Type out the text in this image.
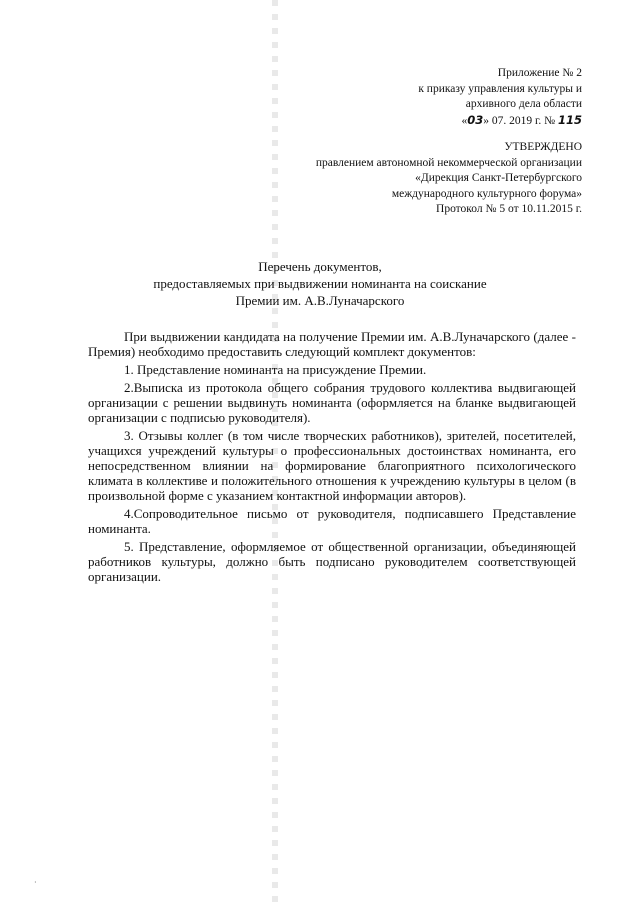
Приложение № 2
к приказу управления культуры и
архивного дела области
«03» 07. 2019 г. № 115
УТВЕРЖДЕНО
правлением автономной некоммерческой организации
«Дирекция Санкт-Петербургского
международного культурного форума»
Протокол № 5 от 10.11.2015 г.
Перечень документов,
предоставляемых при выдвижении номинанта на соискание
Премии им. А.В.Луначарского

При выдвижении кандидата на получение Премии им. А.В.Луначарского (далее - Премия) необходимо предоставить следующий комплект документов:

1. Представление номинанта на присуждение Премии.

2.Выписка из протокола общего собрания трудового коллектива выдвигающей организации с решении выдвинуть номинанта (оформляется на бланке выдвигающей организации с подписью руководителя).

3. Отзывы коллег (в том числе творческих работников), зрителей, посетителей, учащихся учреждений культуры о профессиональных достоинствах номинанта, его непосредственном влиянии на формирование благоприятного психологического климата в коллективе и положительного отношения к учреждению культуры в целом (в произвольной форме с указанием контактной информации авторов).

4.Сопроводительное письмо от руководителя, подписавшего Представление номинанта.

5. Представление, оформляемое от общественной организации, объединяющей работников культуры, должно быть подписано руководителем соответствующей организации.

·
